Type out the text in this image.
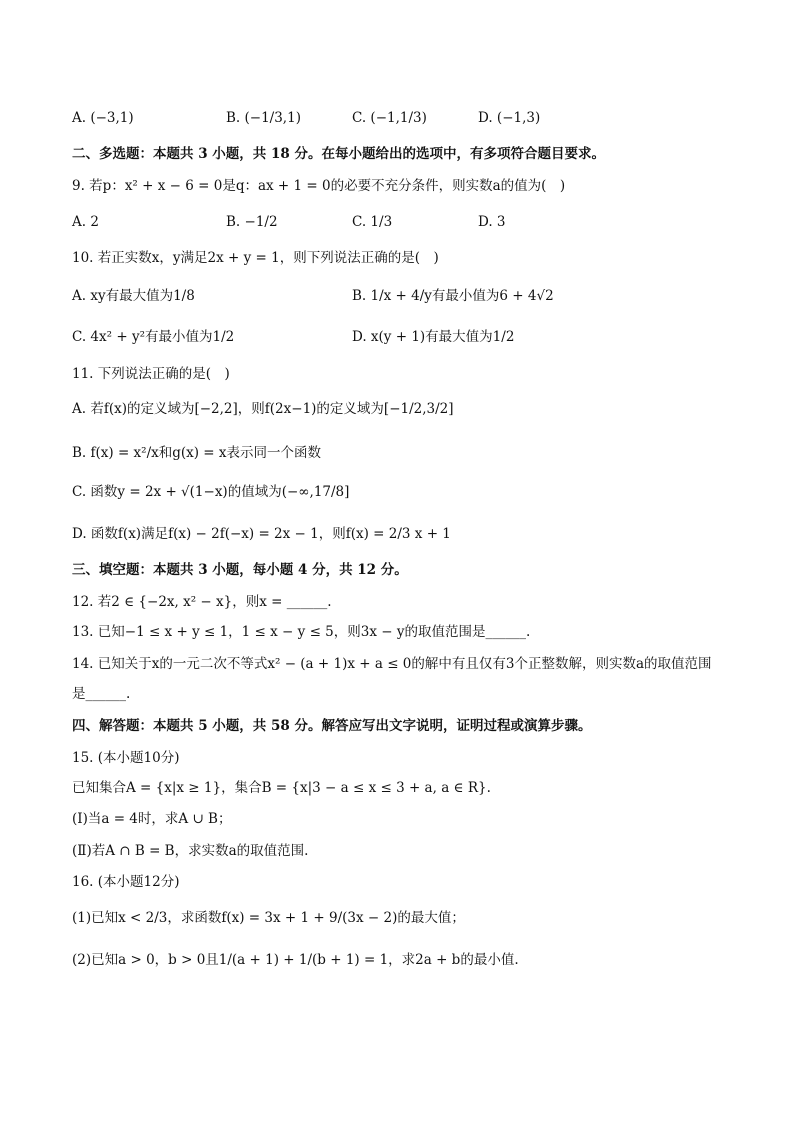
A. (−3,1)	B. (−1/3,1)	C. (−1,1/3)	D. (−1,3)
二、多选题：本题共 3 小题，共 18 分。在每小题给出的选项中，有多项符合题目要求。
9. 若p：x² + x − 6 = 0是q：ax + 1 = 0的必要不充分条件，则实数a的值为(　)
A. 2	B. −1/2	C. 1/3	D. 3
10. 若正实数x，y满足2x + y = 1，则下列说法正确的是(　)
A. xy有最大值为1/8	B. 1/x + 4/y有最小值为6 + 4√2
C. 4x² + y²有最小值为1/2	D. x(y + 1)有最大值为1/2
11. 下列说法正确的是(　)
A. 若f(x)的定义域为[−2,2]，则f(2x−1)的定义域为[−1/2,3/2]
B. f(x) = x²/x和g(x) = x表示同一个函数
C. 函数y = 2x + √(1−x)的值域为(−∞,17/8]
D. 函数f(x)满足f(x) − 2f(−x) = 2x − 1，则f(x) = 2/3 x + 1
三、填空题：本题共 3 小题，每小题 4 分，共 12 分。
12. 若2 ∈ {−2x, x² − x}，则x = ______.
13. 已知−1 ≤ x + y ≤ 1，1 ≤ x − y ≤ 5，则3x − y的取值范围是______.
14. 已知关于x的一元二次不等式x² − (a + 1)x + a ≤ 0的解中有且仅有3个正整数解，则实数a的取值范围
是______.
四、解答题：本题共 5 小题，共 58 分。解答应写出文字说明，证明过程或演算步骤。
15. (本小题10分)
已知集合A = {x|x ≥ 1}，集合B = {x|3 − a ≤ x ≤ 3 + a, a ∈ R}.
(Ⅰ)当a = 4时，求A ∪ B；
(Ⅱ)若A ∩ B = B，求实数a的取值范围.
16. (本小题12分)
(1)已知x < 2/3，求函数f(x) = 3x + 1 + 9/(3x − 2)的最大值；
(2)已知a > 0，b > 0且1/(a + 1) + 1/(b + 1) = 1，求2a + b的最小值.
